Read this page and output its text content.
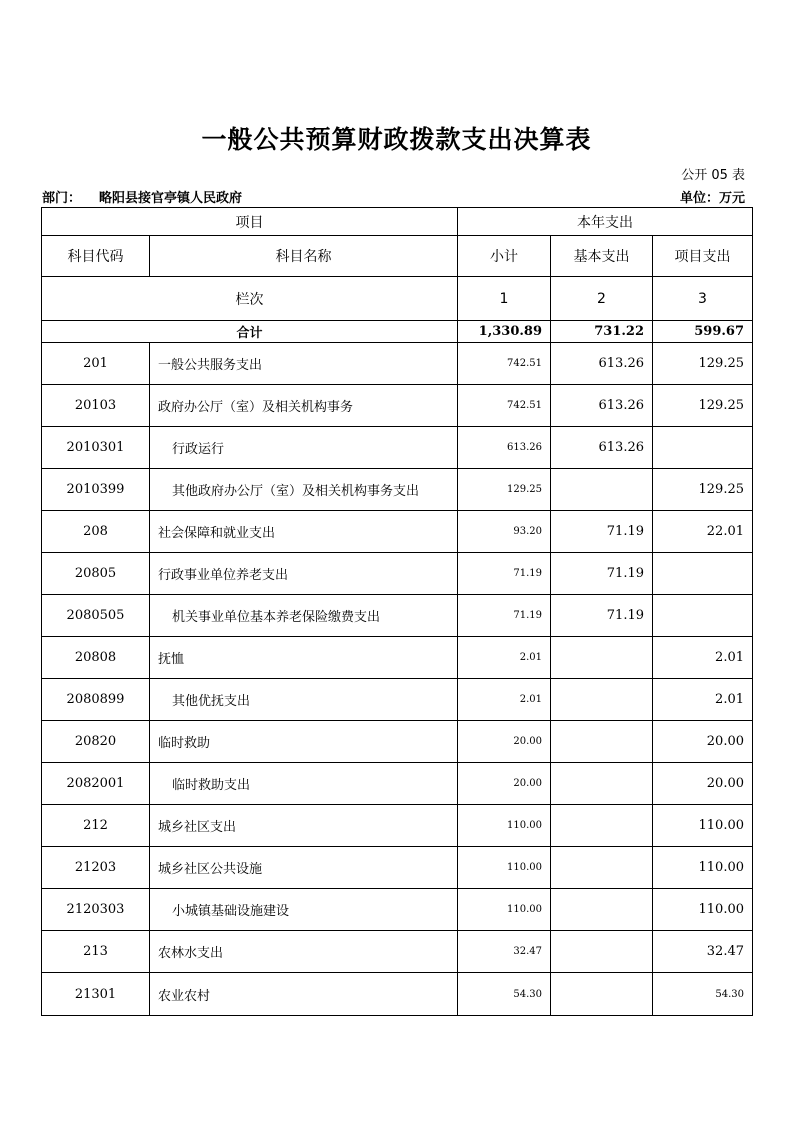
一般公共预算财政拨款支出决算表
公开 05 表
部门： 略阳县接官亭镇人民政府	单位：万元
项目		本年支出		
科目代码	科目名称	小计	基本支出	项目支出
栏次		1	2	3
合计		1,330.89	731.22	599.67
201	一般公共服务支出	742.51	613.26	129.25
20103	政府办公厅（室）及相关机构事务	742.51	613.26	129.25
2010301	行政运行	613.26	613.26	
2010399	其他政府办公厅（室）及相关机构事务支出	129.25		129.25
208	社会保障和就业支出	93.20	71.19	22.01
20805	行政事业单位养老支出	71.19	71.19	
2080505	机关事业单位基本养老保险缴费支出	71.19	71.19	
20808	抚恤	2.01		2.01
2080899	其他优抚支出	2.01		2.01
20820	临时救助	20.00		20.00
2082001	临时救助支出	20.00		20.00
212	城乡社区支出	110.00		110.00
21203	城乡社区公共设施	110.00		110.00
2120303	小城镇基础设施建设	110.00		110.00
213	农林水支出	32.47		32.47
21301	农业农村	54.30		54.30
